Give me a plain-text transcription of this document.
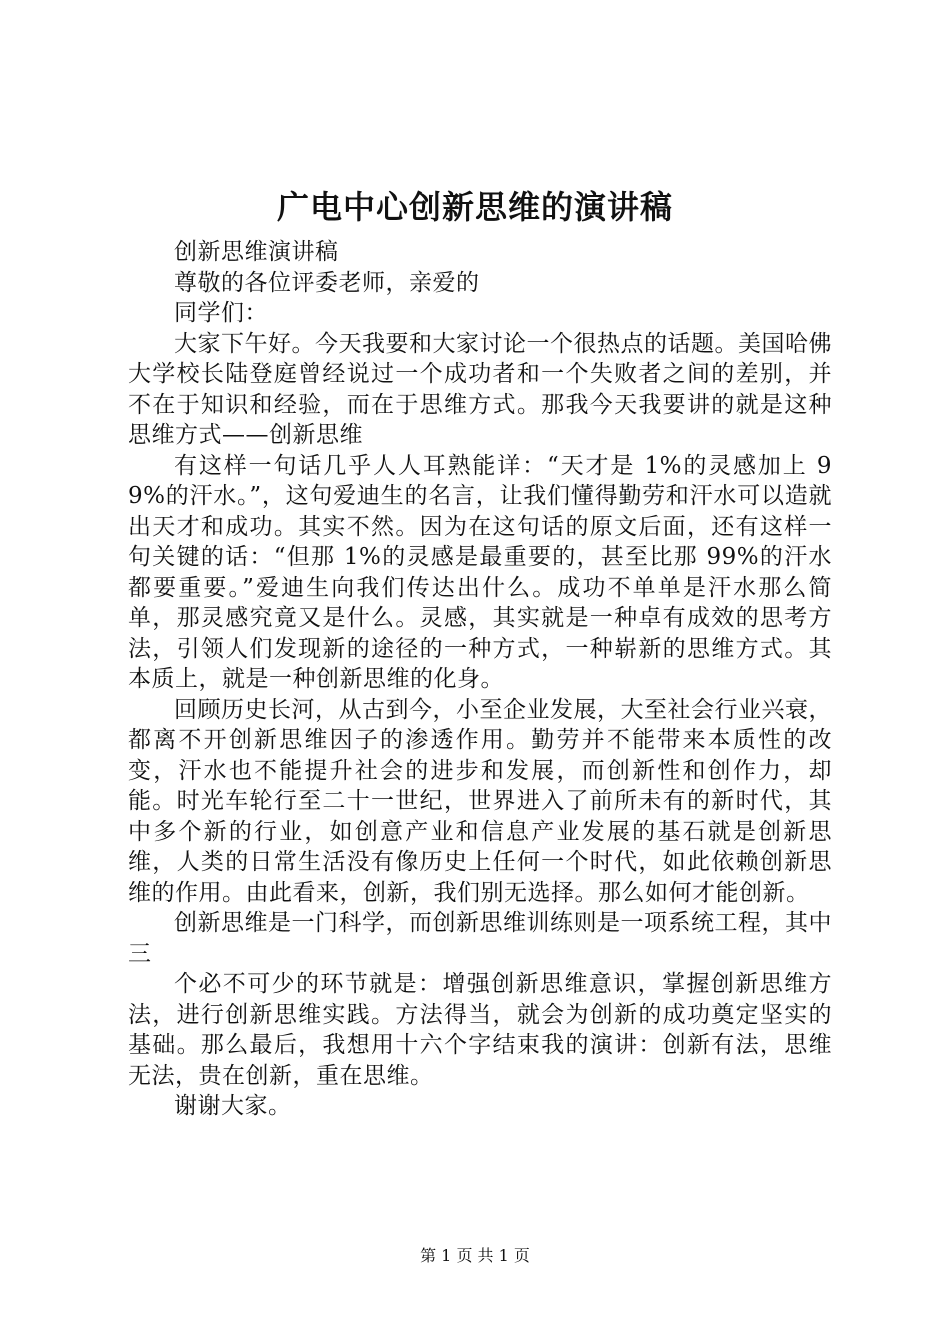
广电中心创新思维的演讲稿

创新思维演讲稿

尊敬的各位评委老师，亲爱的

同学们：

大家下午好。今天我要和大家讨论一个很热点的话题。美国哈佛大学校长陆登庭曾经说过一个成功者和一个失败者之间的差别，并不在于知识和经验，而在于思维方式。那我今天我要讲的就是这种思维方式——创新思维

有这样一句话几乎人人耳熟能详：“天才是 1%的灵感加上 99%的汗水。”，这句爱迪生的名言，让我们懂得勤劳和汗水可以造就出天才和成功。其实不然。因为在这句话的原文后面，还有这样一句关键的话：“但那 1%的灵感是最重要的，甚至比那 99%的汗水都要重要。”爱迪生向我们传达出什么。成功不单单是汗水那么简单，那灵感究竟又是什么。灵感，其实就是一种卓有成效的思考方法，引领人们发现新的途径的一种方式，一种崭新的思维方式。其本质上，就是一种创新思维的化身。

回顾历史长河，从古到今，小至企业发展，大至社会行业兴衰，都离不开创新思维因子的渗透作用。勤劳并不能带来本质性的改变，汗水也不能提升社会的进步和发展，而创新性和创作力，却能。时光车轮行至二十一世纪，世界进入了前所未有的新时代，其中多个新的行业，如创意产业和信息产业发展的基石就是创新思维，人类的日常生活没有像历史上任何一个时代，如此依赖创新思维的作用。由此看来，创新，我们别无选择。那么如何才能创新。

创新思维是一门科学，而创新思维训练则是一项系统工程，其中三

个必不可少的环节就是：增强创新思维意识，掌握创新思维方法，进行创新思维实践。方法得当，就会为创新的成功奠定坚实的基础。那么最后，我想用十六个字结束我的演讲：创新有法，思维无法，贵在创新，重在思维。

谢谢大家。

第 1 页 共 1 页
